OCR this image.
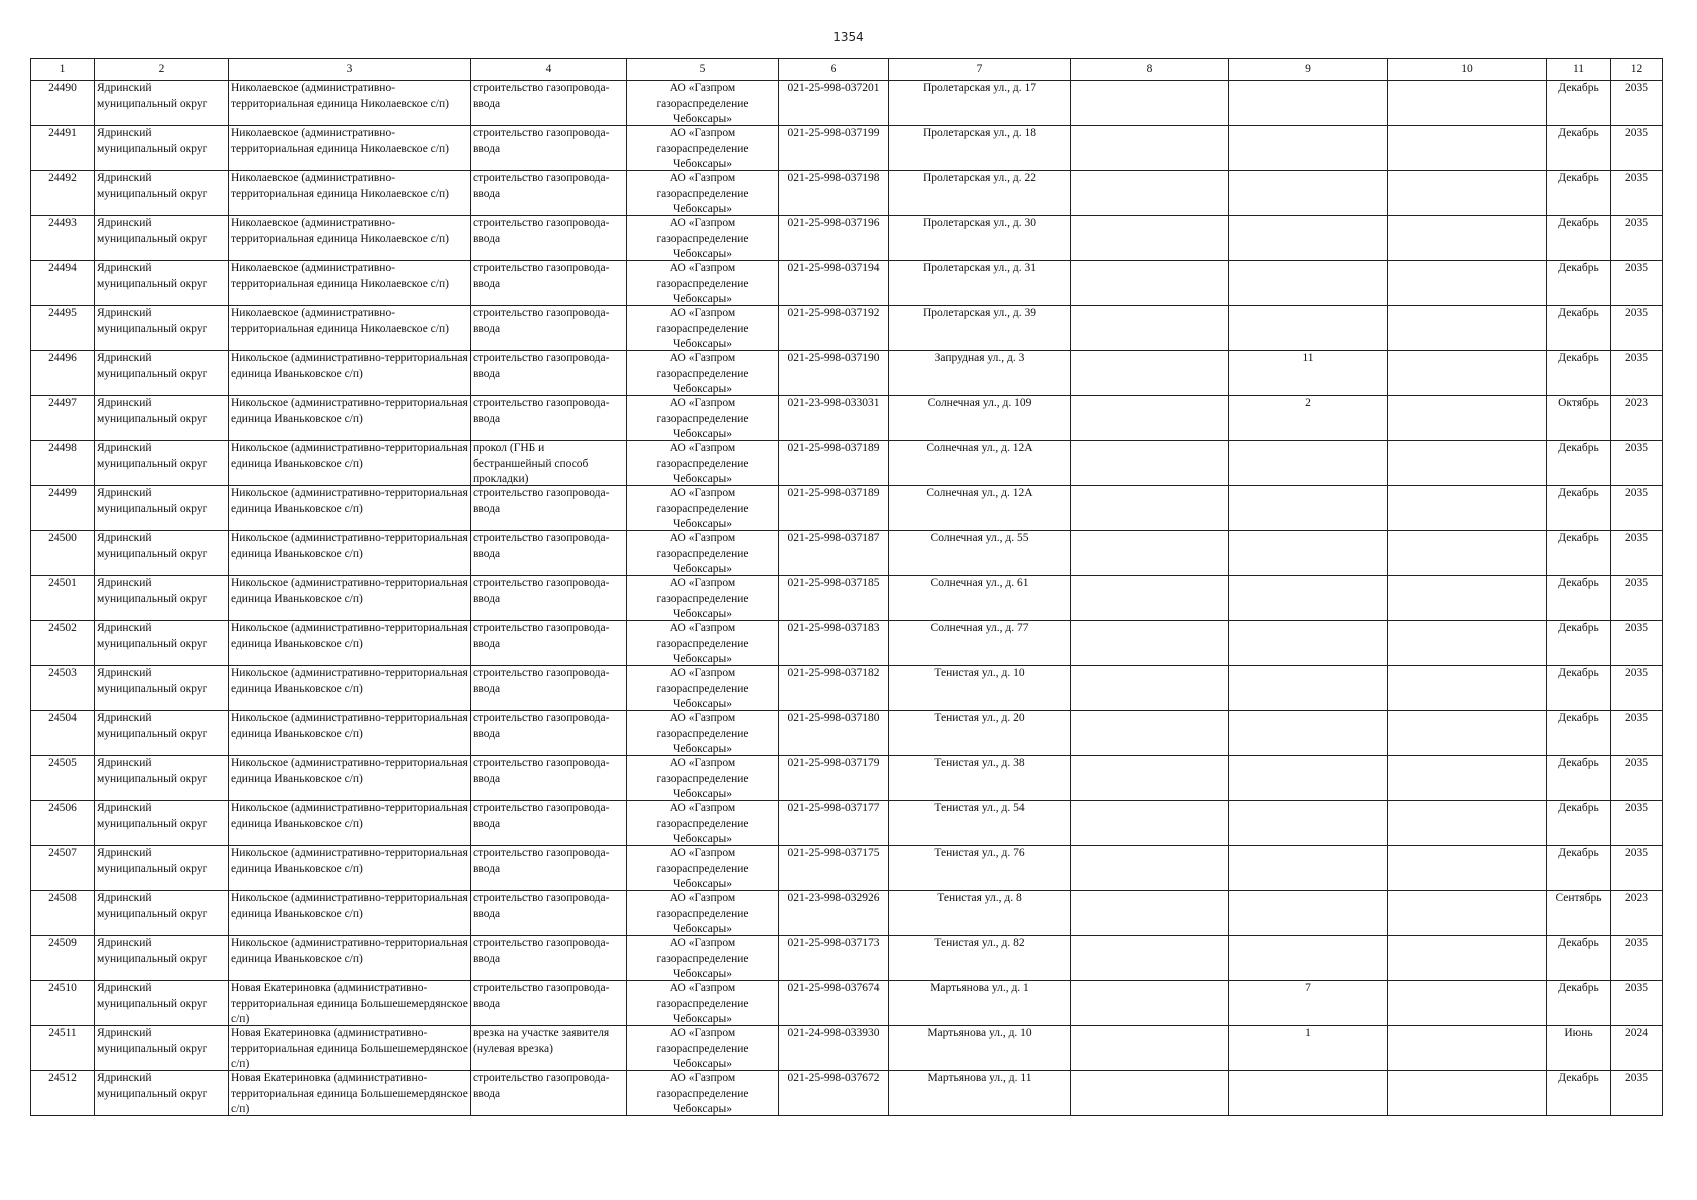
1354
1	2	3	4	5	6	7	8	9	10	11	12

24490	Ядринский муниципальный округ	Николаевское (административно-территориальная единица Николаевское с/п)	строительство газопровода-ввода	АО «Газпром газораспределение Чебоксары»	021-25-998-037201	Пролетарская ул., д. 17				Декабрь	2035

24491	Ядринский муниципальный округ	Николаевское (административно-территориальная единица Николаевское с/п)	строительство газопровода-ввода	АО «Газпром газораспределение Чебоксары»	021-25-998-037199	Пролетарская ул., д. 18				Декабрь	2035

24492	Ядринский муниципальный округ	Николаевское (административно-территориальная единица Николаевское с/п)	строительство газопровода-ввода	АО «Газпром газораспределение Чебоксары»	021-25-998-037198	Пролетарская ул., д. 22				Декабрь	2035

24493	Ядринский муниципальный округ	Николаевское (административно-территориальная единица Николаевское с/п)	строительство газопровода-ввода	АО «Газпром газораспределение Чебоксары»	021-25-998-037196	Пролетарская ул., д. 30				Декабрь	2035

24494	Ядринский муниципальный округ	Николаевское (административно-территориальная единица Николаевское с/п)	строительство газопровода-ввода	АО «Газпром газораспределение Чебоксары»	021-25-998-037194	Пролетарская ул., д. 31				Декабрь	2035

24495	Ядринский муниципальный округ	Николаевское (административно-территориальная единица Николаевское с/п)	строительство газопровода-ввода	АО «Газпром газораспределение Чебоксары»	021-25-998-037192	Пролетарская ул., д. 39				Декабрь	2035

24496	Ядринский муниципальный округ	Никольское (административно-территориальная единица Иваньковское с/п)	строительство газопровода-ввода	АО «Газпром газораспределение Чебоксары»	021-25-998-037190	Запрудная ул., д. 3		11		Декабрь	2035

24497	Ядринский муниципальный округ	Никольское (административно-территориальная единица Иваньковское с/п)	строительство газопровода-ввода	АО «Газпром газораспределение Чебоксары»	021-23-998-033031	Солнечная ул., д. 109		2		Октябрь	2023

24498	Ядринский муниципальный округ	Никольское (административно-территориальная единица Иваньковское с/п)	прокол (ГНБ и бестраншейный способ прокладки)	АО «Газпром газораспределение Чебоксары»	021-25-998-037189	Солнечная ул., д. 12А				Декабрь	2035

24499	Ядринский муниципальный округ	Никольское (административно-территориальная единица Иваньковское с/п)	строительство газопровода-ввода	АО «Газпром газораспределение Чебоксары»	021-25-998-037189	Солнечная ул., д. 12А				Декабрь	2035

24500	Ядринский муниципальный округ	Никольское (административно-территориальная единица Иваньковское с/п)	строительство газопровода-ввода	АО «Газпром газораспределение Чебоксары»	021-25-998-037187	Солнечная ул., д. 55				Декабрь	2035

24501	Ядринский муниципальный округ	Никольское (административно-территориальная единица Иваньковское с/п)	строительство газопровода-ввода	АО «Газпром газораспределение Чебоксары»	021-25-998-037185	Солнечная ул., д. 61				Декабрь	2035

24502	Ядринский муниципальный округ	Никольское (административно-территориальная единица Иваньковское с/п)	строительство газопровода-ввода	АО «Газпром газораспределение Чебоксары»	021-25-998-037183	Солнечная ул., д. 77				Декабрь	2035

24503	Ядринский муниципальный округ	Никольское (административно-территориальная единица Иваньковское с/п)	строительство газопровода-ввода	АО «Газпром газораспределение Чебоксары»	021-25-998-037182	Тенистая ул., д. 10				Декабрь	2035

24504	Ядринский муниципальный округ	Никольское (административно-территориальная единица Иваньковское с/п)	строительство газопровода-ввода	АО «Газпром газораспределение Чебоксары»	021-25-998-037180	Тенистая ул., д. 20				Декабрь	2035

24505	Ядринский муниципальный округ	Никольское (административно-территориальная единица Иваньковское с/п)	строительство газопровода-ввода	АО «Газпром газораспределение Чебоксары»	021-25-998-037179	Тенистая ул., д. 38				Декабрь	2035

24506	Ядринский муниципальный округ	Никольское (административно-территориальная единица Иваньковское с/п)	строительство газопровода-ввода	АО «Газпром газораспределение Чебоксары»	021-25-998-037177	Тенистая ул., д. 54				Декабрь	2035

24507	Ядринский муниципальный округ	Никольское (административно-территориальная единица Иваньковское с/п)	строительство газопровода-ввода	АО «Газпром газораспределение Чебоксары»	021-25-998-037175	Тенистая ул., д. 76				Декабрь	2035

24508	Ядринский муниципальный округ	Никольское (административно-территориальная единица Иваньковское с/п)	строительство газопровода-ввода	АО «Газпром газораспределение Чебоксары»	021-23-998-032926	Тенистая ул., д. 8				Сентябрь	2023

24509	Ядринский муниципальный округ	Никольское (административно-территориальная единица Иваньковское с/п)	строительство газопровода-ввода	АО «Газпром газораспределение Чебоксары»	021-25-998-037173	Тенистая ул., д. 82				Декабрь	2035

24510	Ядринский муниципальный округ	Новая Екатериновка (административно-территориальная единица Большешемердянское с/п)	строительство газопровода-ввода	АО «Газпром газораспределение Чебоксары»	021-25-998-037674	Мартьянова ул., д. 1		7		Декабрь	2035

24511	Ядринский муниципальный округ	Новая Екатериновка (административно-территориальная единица Большешемердянское с/п)	врезка на участке заявителя (нулевая врезка)	АО «Газпром газораспределение Чебоксары»	021-24-998-033930	Мартьянова ул., д. 10		1		Июнь	2024

24512	Ядринский муниципальный округ	Новая Екатериновка (административно-территориальная единица Большешемердянское с/п)	строительство газопровода-ввода	АО «Газпром газораспределение Чебоксары»	021-25-998-037672	Мартьянова ул., д. 11				Декабрь	2035
